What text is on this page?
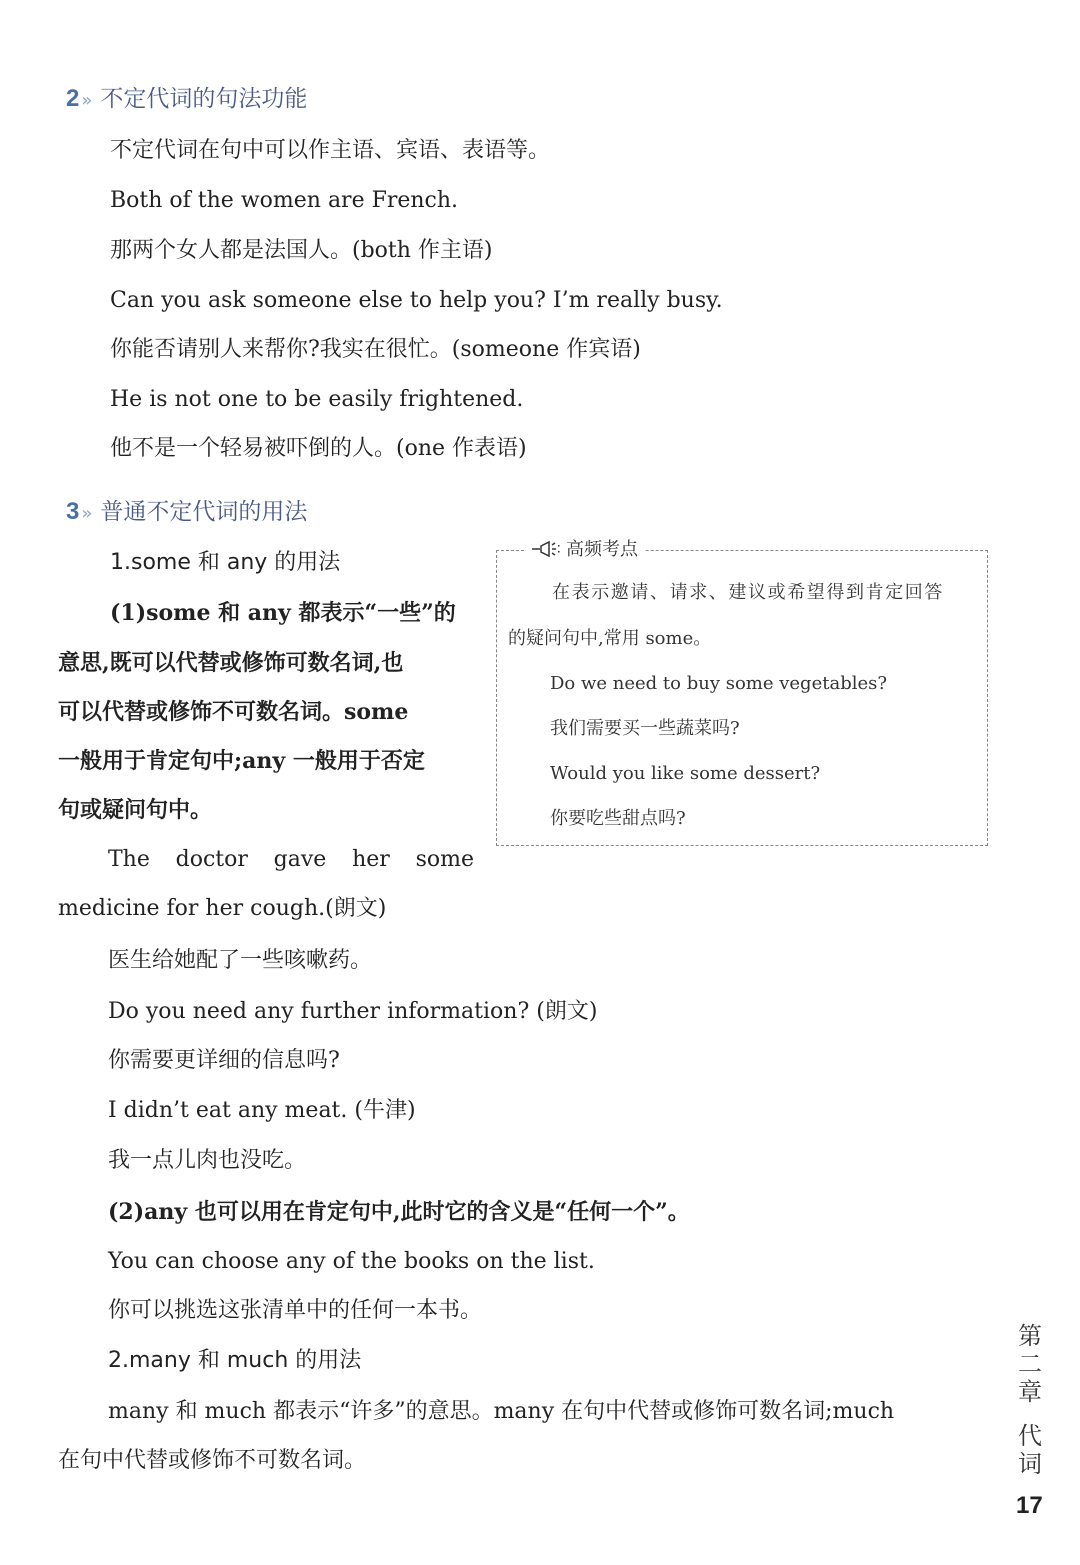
2 » 不定代词的句法功能
不定代词在句中可以作主语、宾语、表语等。
Both of the women are French.
那两个女人都是法国人。(both 作主语)
Can you ask someone else to help you? I’m really busy.
你能否请别人来帮你?我实在很忙。(someone 作宾语)
He is not one to be easily frightened.
他不是一个轻易被吓倒的人。(one 作表语)
3 » 普通不定代词的用法
1.some 和 any 的用法
(1)some 和 any 都表示“一些”的
意思,既可以代替或修饰可数名词,也
可以代替或修饰不可数名词。some
一般用于肯定句中;any 一般用于否定
句或疑问句中。
The doctor gave her some
medicine for her cough.(朗文)
医生给她配了一些咳嗽药。
Do you need any further information? (朗文)
你需要更详细的信息吗?
I didn’t eat any meat. (牛津)
我一点儿肉也没吃。
(2)any 也可以用在肯定句中,此时它的含义是“任何一个”。
You can choose any of the books on the list.
你可以挑选这张清单中的任何一本书。
2.many 和 much 的用法
many 和 much 都表示“许多”的意思。many 在句中代替或修饰可数名词;much
在句中代替或修饰不可数名词。
高频考点
在表示邀请、请求、建议或希望得到肯定回答
的疑问句中,常用 some。
Do we need to buy some vegetables?
我们需要买一些蔬菜吗?
Would you like some dessert?
你要吃些甜点吗?
第二章
代词
17
